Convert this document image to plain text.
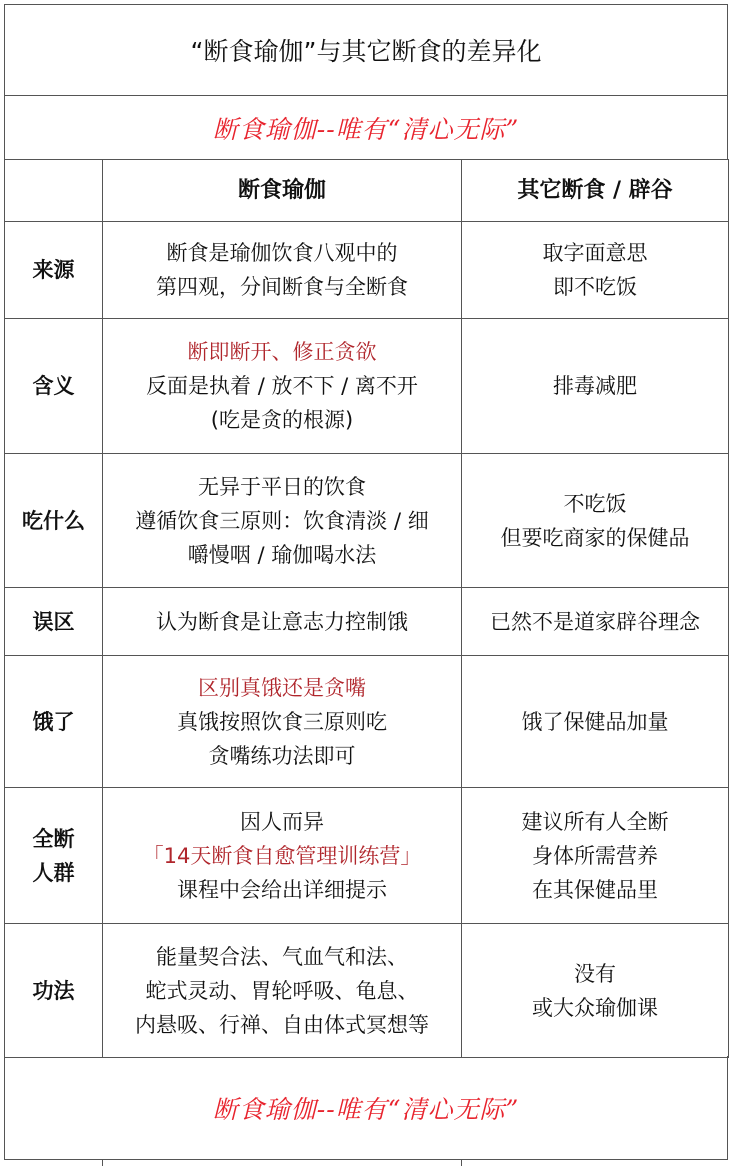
“断食瑜伽”与其它断食的差异化
断食瑜伽--唯有“清心无际”
	断食瑜伽	其它断食 / 辟谷

来源	断食是瑜伽饮食八观中的
第四观，分间断食与全断食	取字面意思
即不吃饭

含义	断即断开、修正贪欲
反面是执着 / 放不下 / 离不开
(吃是贪的根源)	排毒减肥

吃什么	无异于平日的饮食
遵循饮食三原则：饮食清淡 / 细
嚼慢咽 / 瑜伽喝水法	不吃饭
但要吃商家的保健品

误区	认为断食是让意志力控制饿	已然不是道家辟谷理念

饿了	区别真饿还是贪嘴
真饿按照饮食三原则吃
贪嘴练功法即可	饿了保健品加量

全断
人群	因人而异
「14天断食自愈管理训练营」
课程中会给出详细提示	建议所有人全断
身体所需营养
在其保健品里

功法	能量契合法、气血气和法、
蛇式灵动、胃轮呼吸、龟息、
内悬吸、行禅、自由体式冥想等	没有
或大众瑜伽课
断食瑜伽--唯有“清心无际”
